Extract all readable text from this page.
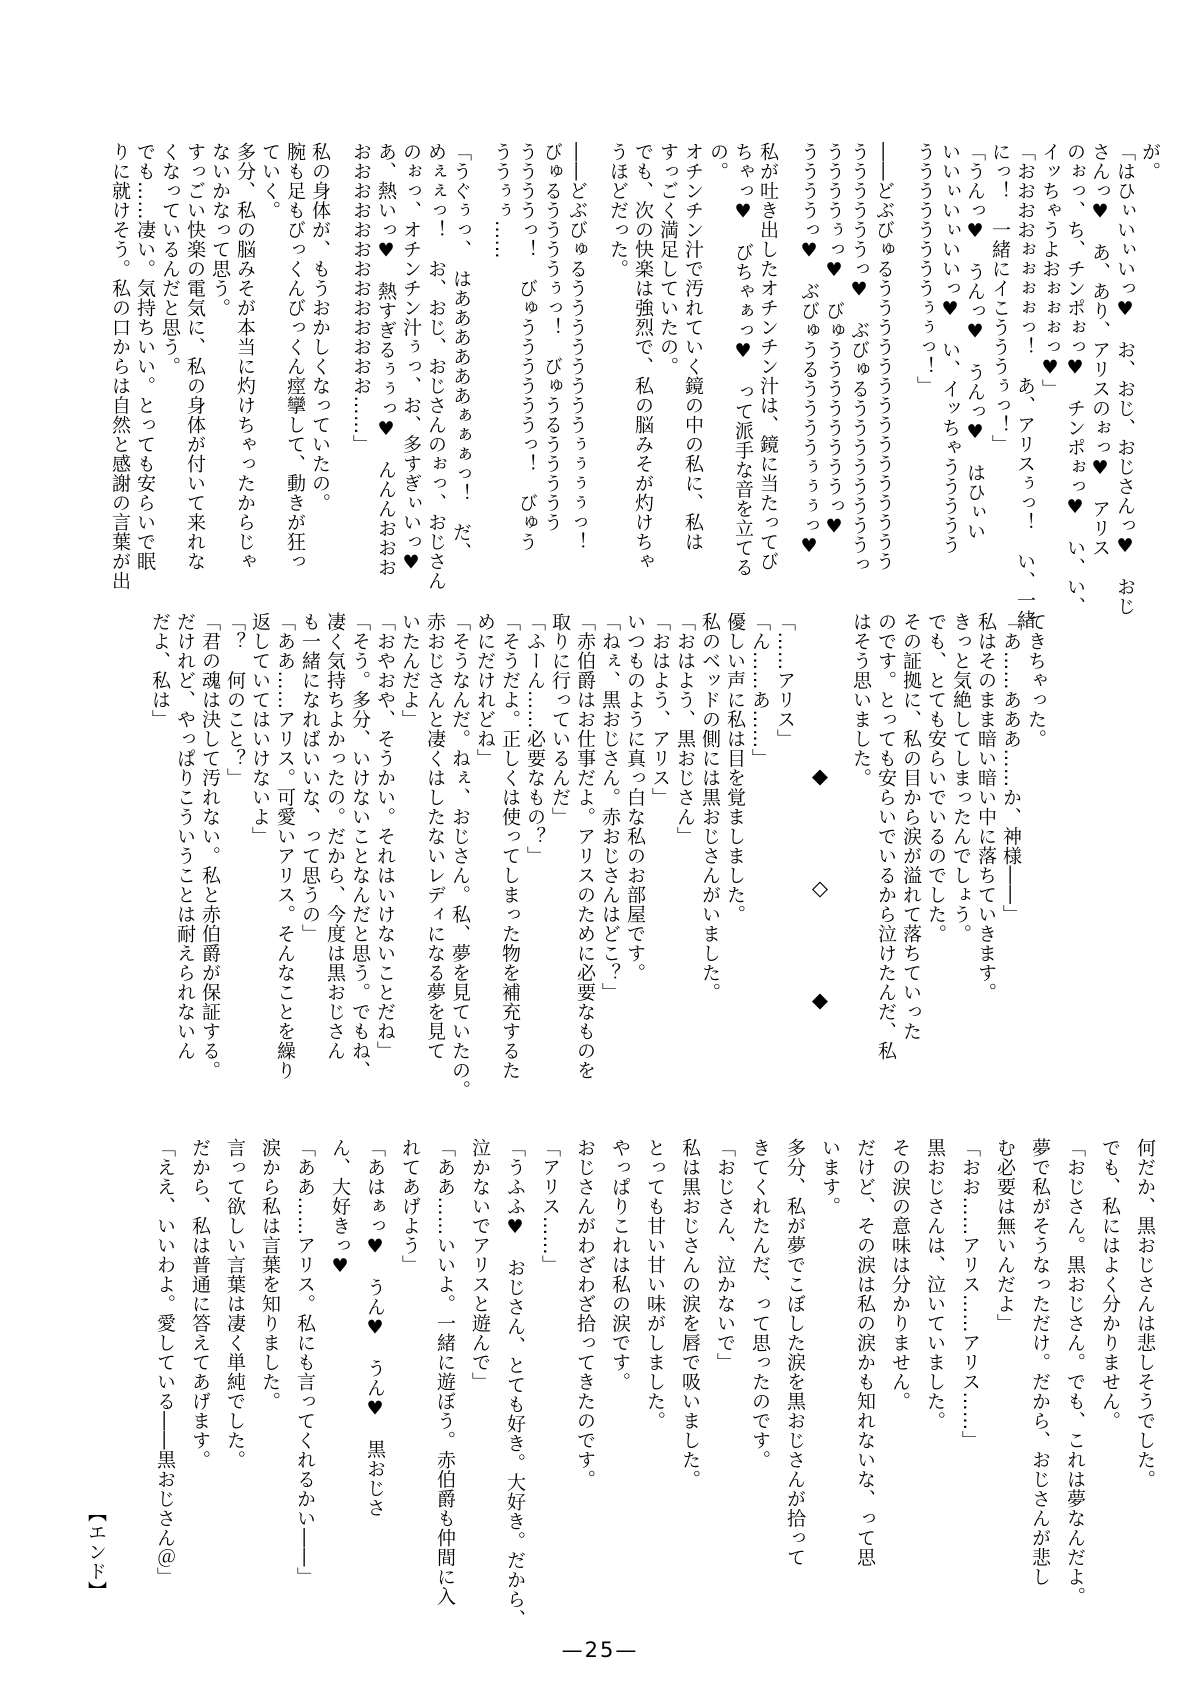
が。

「はひぃいぃいっ♥　お、おじ、おじさんっ♥　おじ

さんっ♥　あ、あり、アリスのぉっ♥　アリス

のぉっ、ち、チンポぉっ♥　チンポぉっ♥　い、い、

イッちゃうよおぉぉぉっ♥」

「おおおおぉぉぉぉっ！　あ、アリスぅっ！　い、一緒

にっ！　一緒にイこうううぅっ！」

「うんっ♥　うんっ♥　うんっ♥　はひぃい

いいぃいぃいいっ♥　い、イッちゃううううう

ううううううううぅぅっ！」

――どぶびゅるううううううううううううううう

ううううううっ♥　ぶびゅるううううううううっ

ううううぅっ♥　びゅううううううううっ♥

ううううっ♥　ぶびゅうるううううぅぅぅっ♥

私が吐き出したオチンチン汁は、鏡に当たってび

ちゃっ♥　びちゃぁっ♥　って派手な音を立てる

の。

オチンチン汁で汚れていく鏡の中の私に、私は

すっごく満足していたの。

でも、次の快楽は強烈で、私の脳みそが灼けちゃ

うほどだった。

――どぶびゅるううううううううぅぅぅぅっ！

びゅるううううぅっ！　びゅうるううううう

ううううっ！　びゅううううううっ！　びゅう

ううぅぅ……

「うぐぅっ、　はああああああぁぁぁっ！　だ、

めぇぇっ！　お、おじ、おじさんのぉっ、おじさん

のぉっ、オチンチン汁ぅっ、お、多すぎぃいっ♥

あ、熱いっ♥　熱すぎるぅぅっ♥　んんんおおお

おおおおおおおおおおおおお……」

私の身体が、もうおかしくなっていたの。

腕も足もびっくんびっくん痙攣して、動きが狂っ

ていく。

多分、私の脳みそが本当に灼けちゃったからじゃ

ないかなって思う。

すっごい快楽の電気に、私の身体が付いて来れな

くなっているんだと思う。

でも……凄い。気持ちいい。とっても安らいで眠

りに就けそう。私の口からは自然と感謝の言葉が出

てきちゃった。

「あ……あああ……か、神様――」

私はそのまま暗い暗い中に落ちていきます。

きっと気絶してしまったんでしょう。

でも、とても安らいでいるのでした。

その証拠に、私の目から涙が溢れて落ちていった

のです。とっても安らいでいるから泣けたんだ、私

はそう思いました。

◆◇◆

「……アリス」

「ん……あ……」

優しい声に私は目を覚ましました。

私のベッドの側には黒おじさんがいました。

「おはよう、黒おじさん」

「おはよう、アリス」

いつものように真っ白な私のお部屋です。

「ねぇ、黒おじさん。赤おじさんはどこ？」

「赤伯爵はお仕事だよ。アリスのために必要なものを

取りに行っているんだ」

「ふーん……必要なもの？」

「そうだよ。正しくは使ってしまった物を補充するた

めにだけれどね」

「そうなんだ。ねぇ、おじさん。私、夢を見ていたの。

赤おじさんと凄くはしたないレディになる夢を見て

いたんだよ」

「おやおや、そうかい。それはいけないことだね」

「そう。多分、いけないことなんだと思う。でもね、

凄く気持ちよかったの。だから、今度は黒おじさん

も一緒になればいいな、って思うの」

「ああ……アリス。可愛いアリス。そんなことを繰り

返していてはいけないよ」

「？　何のこと？」

「君の魂は決して汚れない。私と赤伯爵が保証する。

だけれど、やっぱりこういうことは耐えられないん

だよ、私は」

何だか、黒おじさんは悲しそうでした。

でも、私にはよく分かりません。

「おじさん。黒おじさん。でも、これは夢なんだよ。

夢で私がそうなっただけ。だから、おじさんが悲し

む必要は無いんだよ」

「おお……アリス……アリス……」

黒おじさんは、泣いていました。

その涙の意味は分かりません。

だけど、その涙は私の涙かも知れないな、って思

います。

多分、私が夢でこぼした涙を黒おじさんが拾って

きてくれたんだ、って思ったのです。

「おじさん、泣かないで」

私は黒おじさんの涙を唇で吸いました。

とっても甘い甘い味がしました。

やっぱりこれは私の涙です。

おじさんがわざわざ拾ってきたのです。

「アリス……」

「うふふ♥　おじさん、とても好き。大好き。だから、

泣かないでアリスと遊んで」

「ああ……いいよ。一緒に遊ぼう。赤伯爵も仲間に入

れてあげよう」

「あはぁっ♥　うん♥　うん♥　黒おじさ

ん、大好きっ♥

「ああ……アリス。私にも言ってくれるかい――」

涙から私は言葉を知りました。

言って欲しい言葉は凄く単純でした。

だから、私は普通に答えてあげます。

「ええ、いいわよ。愛している――黒おじさん＠」

【エンド】

—25—
